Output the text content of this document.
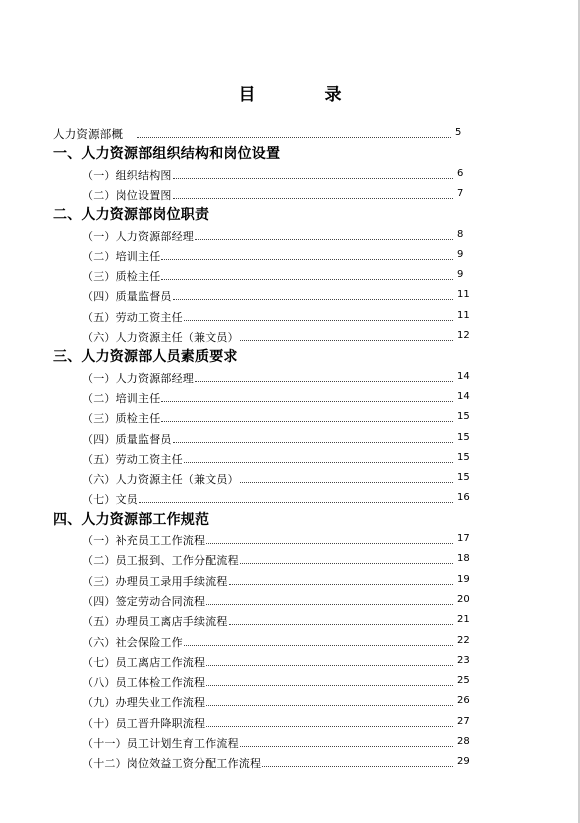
目　录
人力资源部概	5
一、人力资源部组织结构和岗位设置
（一）组织结构图	6
（二）岗位设置图	7
二、人力资源部岗位职责
（一）人力资源部经理	8
（二）培训主任	9
（三）质检主任	9
（四）质量监督员	11
（五）劳动工资主任	11
（六）人力资源主任（兼文员）	12
三、人力资源部人员素质要求
（一）人力资源部经理	14
（二）培训主任	14
（三）质检主任	15
（四）质量监督员	15
（五）劳动工资主任	15
（六）人力资源主任（兼文员）	15
（七）文员	16
四、人力资源部工作规范
（一）补充员工工作流程	17
（二）员工报到、工作分配流程	18
（三）办理员工录用手续流程	19
（四）签定劳动合同流程	20
（五）办理员工离店手续流程	21
（六）社会保险工作	22
（七）员工离店工作流程	23
（八）员工体检工作流程	25
（九）办理失业工作流程	26
（十）员工晋升降职流程	27
（十一）员工计划生育工作流程	28
（十二）岗位效益工资分配工作流程	29
